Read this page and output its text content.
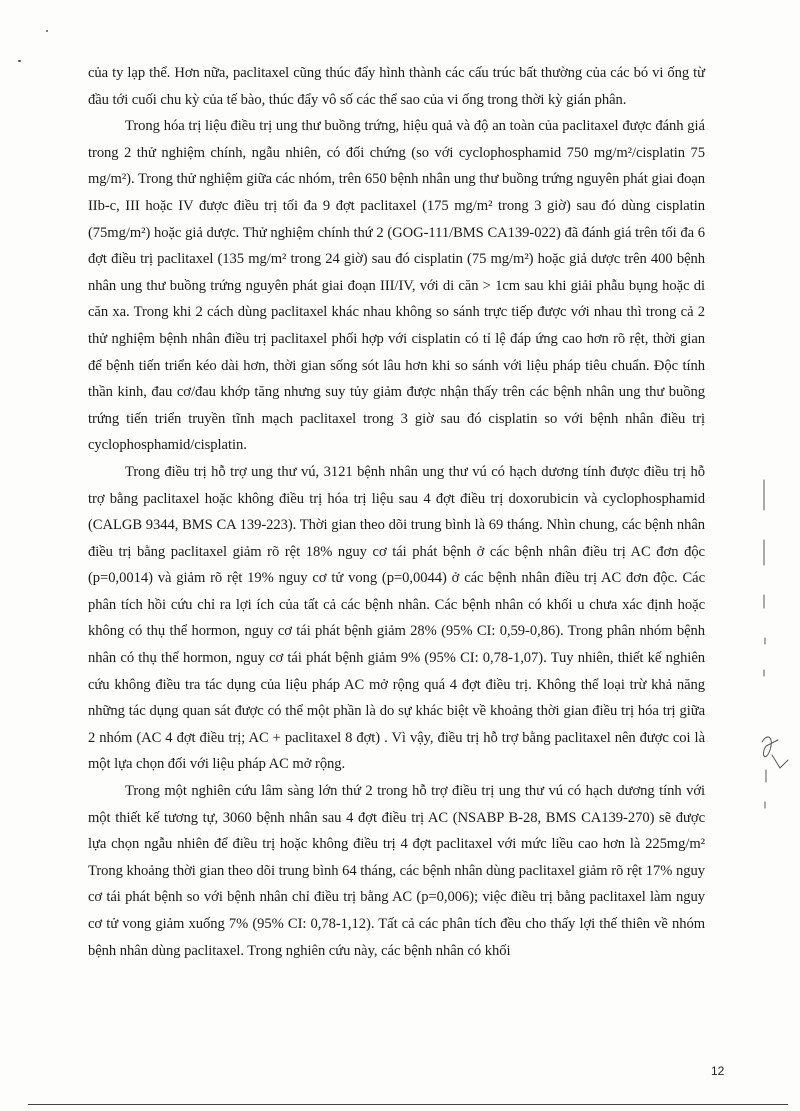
của ty lạp thể. Hơn nữa, paclitaxel cũng thúc đẩy hình thành các cấu trúc bất thường của các bó vi ống từ đầu tới cuối chu kỳ của tế bào, thúc đẩy vô số các thể sao của vi ống trong thời kỳ gián phân.

Trong hóa trị liệu điều trị ung thư buồng trứng, hiệu quả và độ an toàn của paclitaxel được đánh giá trong 2 thử nghiệm chính, ngẫu nhiên, có đối chứng (so với cyclophosphamid 750 mg/m²/cisplatin 75 mg/m²). Trong thử nghiệm giữa các nhóm, trên 650 bệnh nhân ung thư buồng trứng nguyên phát giai đoạn IIb-c, III hoặc IV được điều trị tối đa 9 đợt paclitaxel (175 mg/m² trong 3 giờ) sau đó dùng cisplatin (75mg/m²) hoặc giả dược. Thử nghiệm chính thứ 2 (GOG-111/BMS CA139-022) đã đánh giá trên tối đa 6 đợt điều trị paclitaxel (135 mg/m² trong 24 giờ) sau đó cisplatin (75 mg/m²) hoặc giả dược trên 400 bệnh nhân ung thư buồng trứng nguyên phát giai đoạn III/IV, với di căn > 1cm sau khi giải phẫu bụng hoặc di căn xa. Trong khi 2 cách dùng paclitaxel khác nhau không so sánh trực tiếp được với nhau thì trong cả 2 thử nghiệm bệnh nhân điều trị paclitaxel phối hợp với cisplatin có tỉ lệ đáp ứng cao hơn rõ rệt, thời gian để bệnh tiến triển kéo dài hơn, thời gian sống sót lâu hơn khi so sánh với liệu pháp tiêu chuẩn. Độc tính thần kinh, đau cơ/đau khớp tăng nhưng suy tủy giảm được nhận thấy trên các bệnh nhân ung thư buồng trứng tiến triển truyền tĩnh mạch paclitaxel trong 3 giờ sau đó cisplatin so với bệnh nhân điều trị cyclophosphamid/cisplatin.

Trong điều trị hỗ trợ ung thư vú, 3121 bệnh nhân ung thư vú có hạch dương tính được điều trị hỗ trợ bằng paclitaxel hoặc không điều trị hóa trị liệu sau 4 đợt điều trị doxorubicin và cyclophosphamid (CALGB 9344, BMS CA 139-223). Thời gian theo dõi trung bình là 69 tháng. Nhìn chung, các bệnh nhân điều trị bằng paclitaxel giảm rõ rệt 18% nguy cơ tái phát bệnh ở các bệnh nhân điều trị AC đơn độc (p=0,0014) và giảm rõ rệt 19% nguy cơ tử vong (p=0,0044) ở các bệnh nhân điều trị AC đơn độc. Các phân tích hồi cứu chỉ ra lợi ích của tất cả các bệnh nhân. Các bệnh nhân có khối u chưa xác định hoặc không có thụ thể hormon, nguy cơ tái phát bệnh giảm 28% (95% CI: 0,59-0,86). Trong phân nhóm bệnh nhân có thụ thể hormon, nguy cơ tái phát bệnh giảm 9% (95% CI: 0,78-1,07). Tuy nhiên, thiết kế nghiên cứu không điều tra tác dụng của liệu pháp AC mở rộng quá 4 đợt điều trị. Không thể loại trừ khả năng những tác dụng quan sát được có thể một phần là do sự khác biệt về khoảng thời gian điều trị hóa trị giữa 2 nhóm (AC 4 đợt điều trị; AC + paclitaxel 8 đợt) . Vì vậy, điều trị hỗ trợ bằng paclitaxel nên được coi là một lựa chọn đối với liệu pháp AC mở rộng.

Trong một nghiên cứu lâm sàng lớn thứ 2 trong hỗ trợ điều trị ung thư vú có hạch dương tính với một thiết kế tương tự, 3060 bệnh nhân sau 4 đợt điều trị AC (NSABP B-28, BMS CA139-270) sẽ được lựa chọn ngẫu nhiên để điều trị hoặc không điều trị 4 đợt paclitaxel với mức liều cao hơn là 225mg/m² Trong khoảng thời gian theo dõi trung bình 64 tháng, các bệnh nhân dùng paclitaxel giảm rõ rệt 17% nguy cơ tái phát bệnh so với bệnh nhân chỉ điều trị bằng AC (p=0,006); việc điều trị bằng paclitaxel làm nguy cơ tử vong giảm xuống 7% (95% CI: 0,78-1,12). Tất cả các phân tích đều cho thấy lợi thế thiên về nhóm bệnh nhân dùng paclitaxel. Trong nghiên cứu này, các bệnh nhân có khối

12
